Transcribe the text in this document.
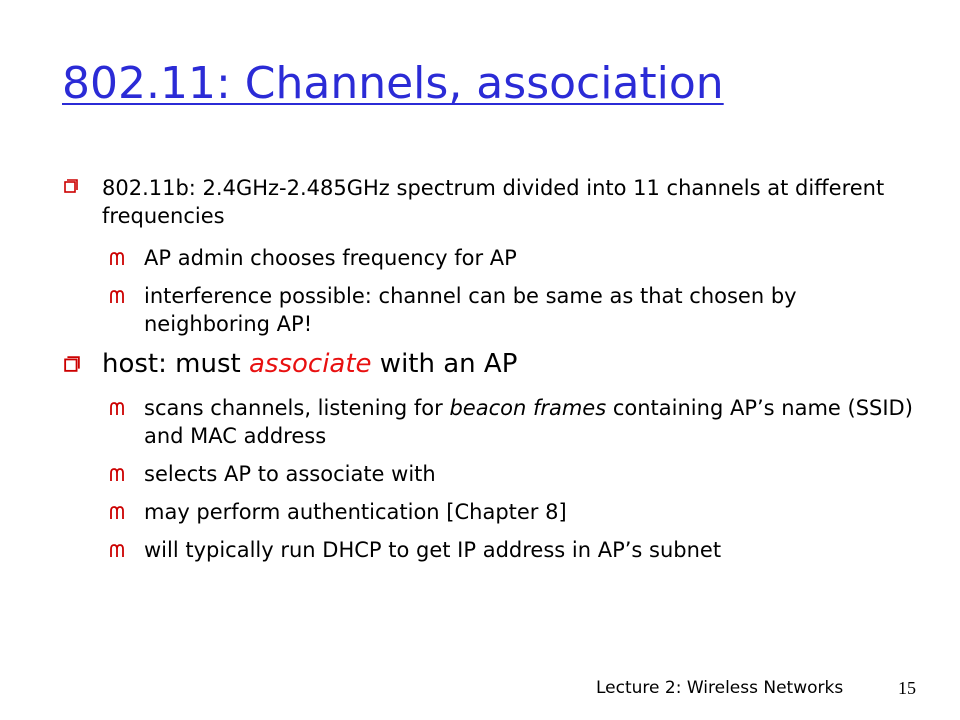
802.11: Channels, association
802.11b: 2.4GHz-2.485GHz spectrum divided into 11 channels at different frequencies
AP admin chooses frequency for AP
interference possible: channel can be same as that chosen by neighboring AP!
host: must associate with an AP
scans channels, listening for beacon frames containing AP’s name (SSID) and MAC address
selects AP to associate with
may perform authentication [Chapter 8]
will typically run DHCP to get IP address in AP’s subnet
Lecture 2: Wireless Networks	15
